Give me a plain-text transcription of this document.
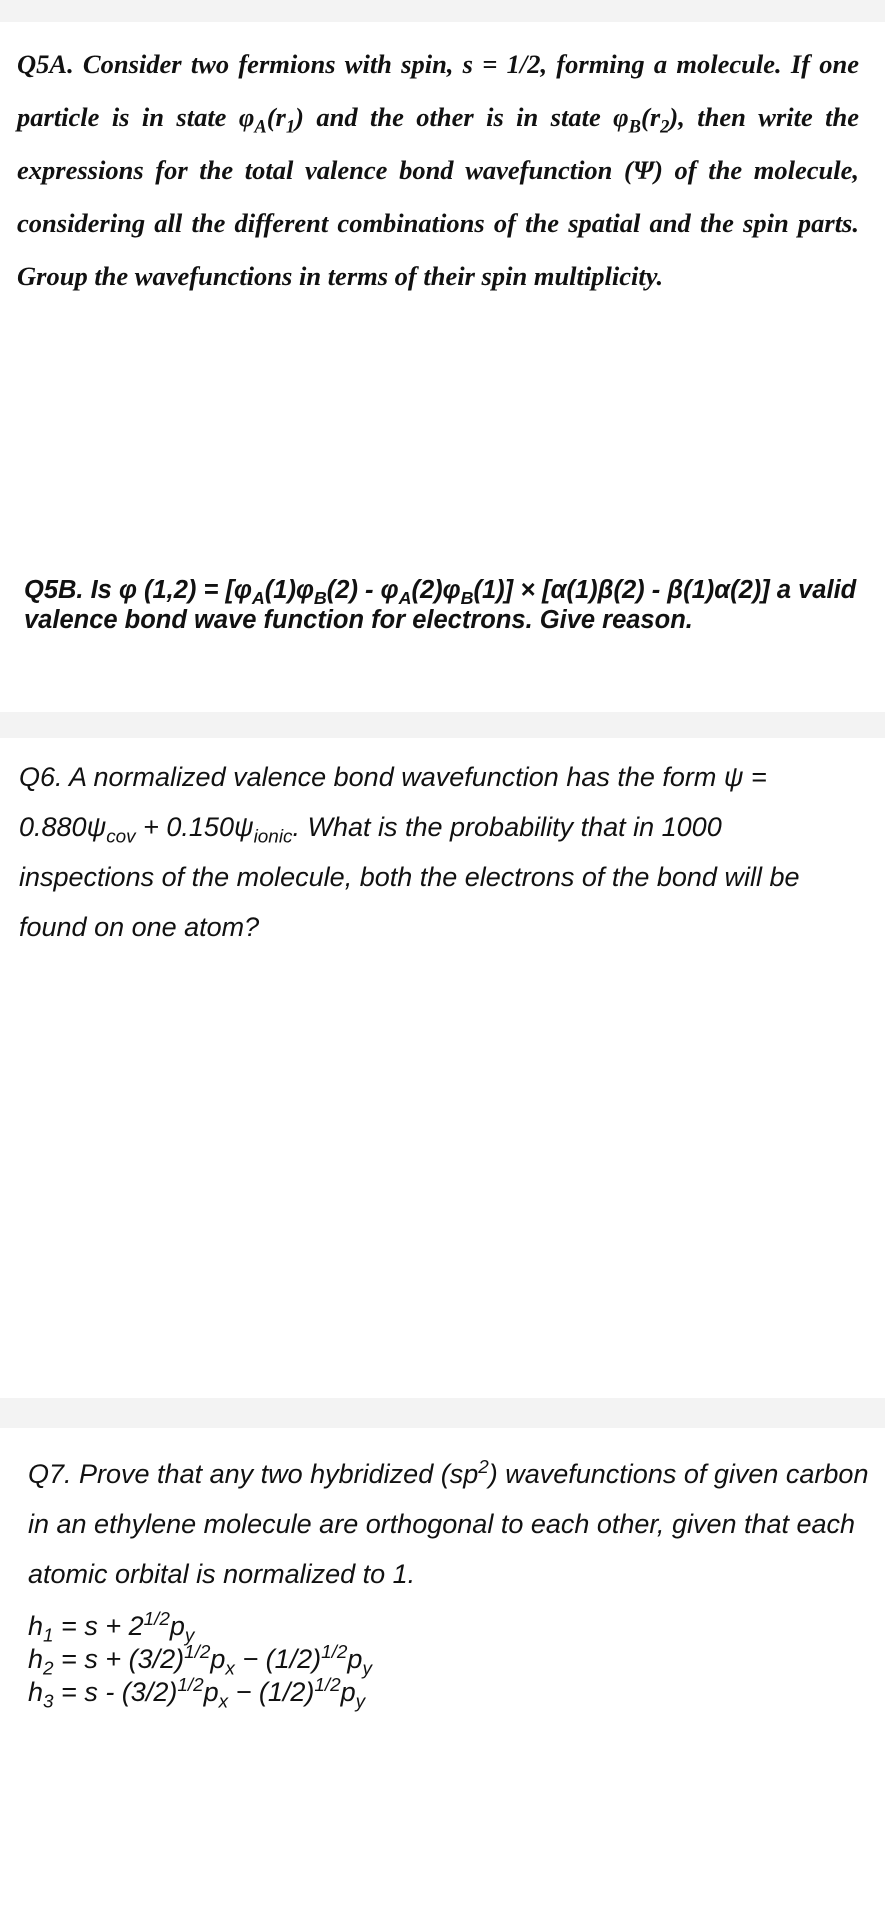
Q5A. Consider two fermions with spin, s = 1/2, forming a molecule. If one particle is in state $\varphi_A(r_1)$ and the other is in state $\varphi_B(r_2)$, then write the expressions for the total valence bond wavefunction (Ψ) of the molecule, considering all the different combinations of the spatial and the spin parts. Group the wavefunctions in terms of their spin multiplicity.
Q5B. Is φ $(1,2) = [\varphi_A(1)\varphi_B(2) - \varphi_A(2)\varphi_B(1)] \times [\alpha(1)\beta(2) - \beta(1)\alpha(2)]$ a valid valence bond wave function for electrons. Give reason.
Q6. A normalized valence bond wavefunction has the form $\psi = 0.880\psi_{cov} + 0.150\psi_{ionic}$. What is the probability that in 1000 inspections of the molecule, both the electrons of the bond will be found on one atom?
Q7. Prove that any two hybridized $(sp^2)$ wavefunctions of given carbon in an ethylene molecule are orthogonal to each other, given that each atomic orbital is normalized to 1.
$h_1 = s + 2^{1/2}p_y$
$h_2 = s + (3/2)^{1/2}p_x - (1/2)^{1/2}p_y$
$h_3 = s - (3/2)^{1/2}p_x - (1/2)^{1/2}p_y$
